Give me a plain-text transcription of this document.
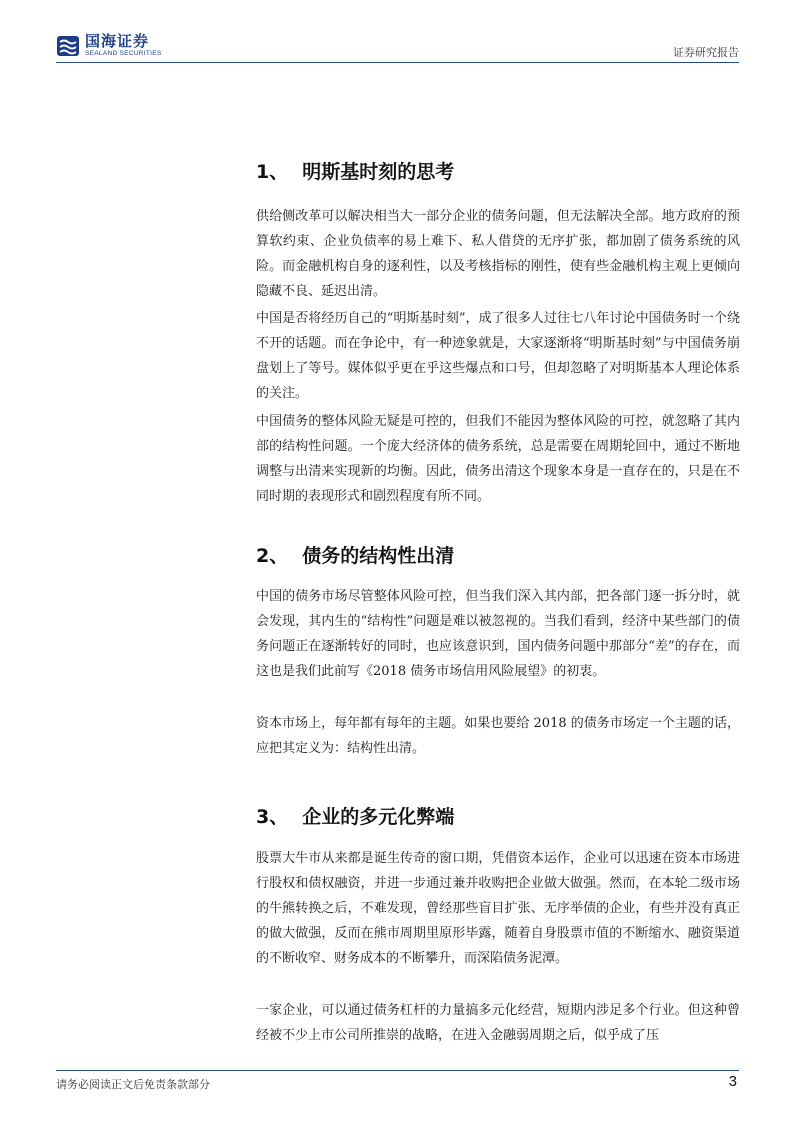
国海证券
SEALAND SECURITIES	证券研究报告
1、 明斯基时刻的思考

供给侧改革可以解决相当大一部分企业的债务问题，但无法解决全部。地方政府的预算软约束、企业负债率的易上难下、私人借贷的无序扩张，都加剧了债务系统的风险。而金融机构自身的逐利性，以及考核指标的刚性，使有些金融机构主观上更倾向隐藏不良、延迟出清。

中国是否将经历自己的“明斯基时刻”，成了很多人过往七八年讨论中国债务时一个绕不开的话题。而在争论中，有一种迹象就是，大家逐渐将“明斯基时刻”与中国债务崩盘划上了等号。媒体似乎更在乎这些爆点和口号，但却忽略了对明斯基本人理论体系的关注。

中国债务的整体风险无疑是可控的，但我们不能因为整体风险的可控，就忽略了其内部的结构性问题。一个庞大经济体的债务系统，总是需要在周期轮回中，通过不断地调整与出清来实现新的均衡。因此，债务出清这个现象本身是一直存在的，只是在不同时期的表现形式和剧烈程度有所不同。

2、 债务的结构性出清

中国的债务市场尽管整体风险可控，但当我们深入其内部，把各部门逐一拆分时，就会发现，其内生的“结构性”问题是难以被忽视的。当我们看到，经济中某些部门的债务问题正在逐渐转好的同时，也应该意识到，国内债务问题中那部分“差”的存在，而这也是我们此前写《2018 债务市场信用风险展望》的初衷。

资本市场上，每年都有每年的主题。如果也要给 2018 的债务市场定一个主题的话，应把其定义为：结构性出清。

3、 企业的多元化弊端

股票大牛市从来都是诞生传奇的窗口期，凭借资本运作，企业可以迅速在资本市场进行股权和债权融资，并进一步通过兼并收购把企业做大做强。然而，在本轮二级市场的牛熊转换之后，不难发现，曾经那些盲目扩张、无序举债的企业，有些并没有真正的做大做强，反而在熊市周期里原形毕露，随着自身股票市值的不断缩水、融资渠道的不断收窄、财务成本的不断攀升，而深陷债务泥潭。

一家企业，可以通过债务杠杆的力量搞多元化经营，短期内涉足多个行业。但这种曾经被不少上市公司所推崇的战略，在进入金融弱周期之后，似乎成了压

请务必阅读正文后免责条款部分	3
